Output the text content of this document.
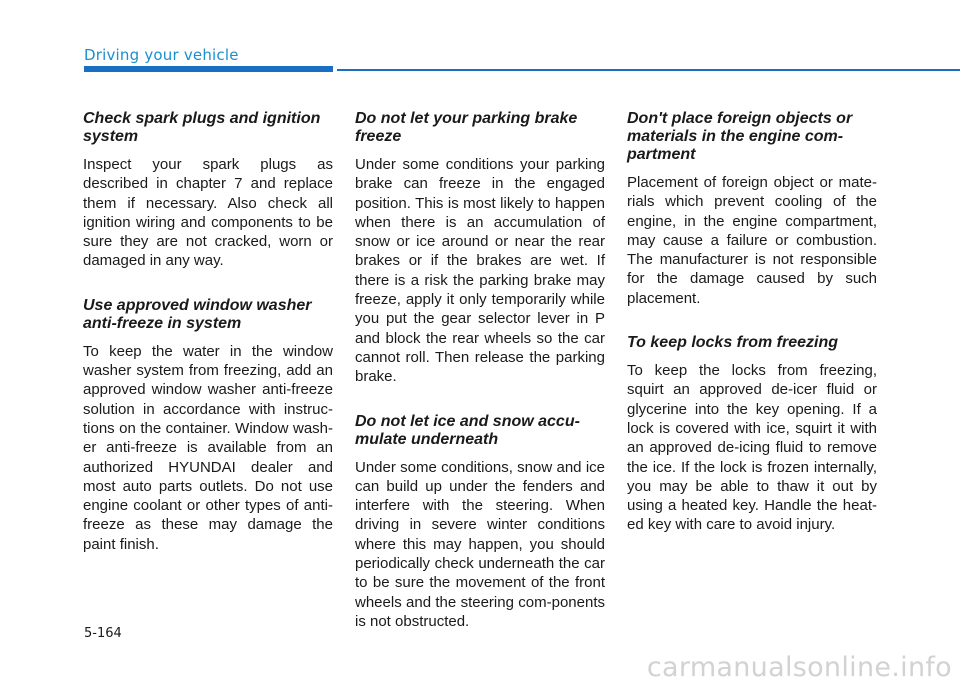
Driving your vehicle
Check spark plugs and ignition system

Inspect your spark plugs as described in chapter 7 and replace them if necessary. Also check all ignition wiring and components to be sure they are not cracked, worn or damaged in any way.

Use approved window washer anti-freeze in system

To keep the water in the window washer system from freezing, add an approved window washer anti-freeze solution in accordance with instruc-tions on the container. Window wash-er anti-freeze is available from an authorized HYUNDAI dealer and most auto parts outlets. Do not use engine coolant or other types of anti-freeze as these may damage the paint finish.

Do not let your parking brake freeze

Under some conditions your parking brake can freeze in the engaged position. This is most likely to happen when there is an accumulation of snow or ice around or near the rear brakes or if the brakes are wet. If there is a risk the parking brake may freeze, apply it only temporarily while you put the gear selector lever in P and block the rear wheels so the car cannot roll. Then release the parking brake.

Do not let ice and snow accu-mulate underneath

Under some conditions, snow and ice can build up under the fenders and interfere with the steering. When driving in severe winter conditions where this may happen, you should periodically check underneath the car to be sure the movement of the front wheels and the steering com-ponents is not obstructed.

Don't place foreign objects or materials in the engine com-partment

Placement of foreign object or mate-rials which prevent cooling of the engine, in the engine compartment, may cause a failure or combustion. The manufacturer is not responsible for the damage caused by such placement.

To keep locks from freezing

To keep the locks from freezing, squirt an approved de-icer fluid or glycerine into the key opening. If a lock is covered with ice, squirt it with an approved de-icing fluid to remove the ice. If the lock is frozen internally, you may be able to thaw it out by using a heated key. Handle the heat-ed key with care to avoid injury.

5-164
carmanualsonline.info
